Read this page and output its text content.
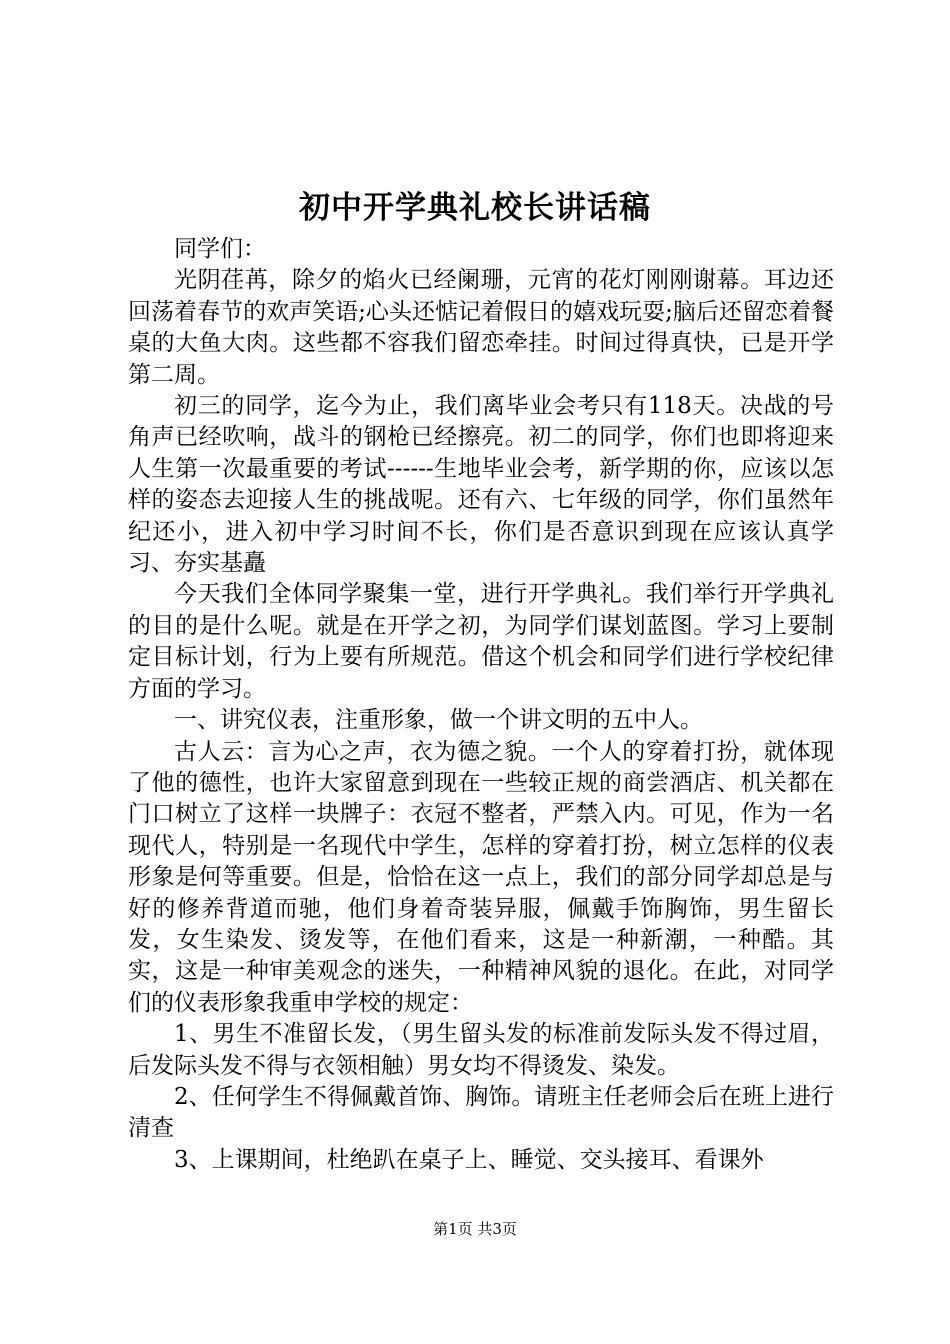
初中开学典礼校长讲话稿

同学们：

光阴荏苒，除夕的焰火已经阑珊，元宵的花灯刚刚谢幕。耳边还回荡着春节的欢声笑语;心头还惦记着假日的嬉戏玩耍;脑后还留恋着餐桌的大鱼大肉。这些都不容我们留恋牵挂。时间过得真快，已是开学第二周。

初三的同学，迄今为止，我们离毕业会考只有118天。决战的号角声已经吹响，战斗的钢枪已经擦亮。初二的同学，你们也即将迎来人生第一次最重要的考试------生地毕业会考，新学期的你，应该以怎样的姿态去迎接人生的挑战呢。还有六、七年级的同学，你们虽然年纪还小，进入初中学习时间不长，你们是否意识到现在应该认真学习、夯实基矗

今天我们全体同学聚集一堂，进行开学典礼。我们举行开学典礼的目的是什么呢。就是在开学之初，为同学们谋划蓝图。学习上要制定目标计划，行为上要有所规范。借这个机会和同学们进行学校纪律方面的学习。

一、讲究仪表，注重形象，做一个讲文明的五中人。

古人云：言为心之声，衣为德之貌。一个人的穿着打扮，就体现了他的德性，也许大家留意到现在一些较正规的商尝酒店、机关都在门口树立了这样一块牌子：衣冠不整者，严禁入内。可见，作为一名现代人，特别是一名现代中学生，怎样的穿着打扮，树立怎样的仪表形象是何等重要。但是，恰恰在这一点上，我们的部分同学却总是与好的修养背道而驰，他们身着奇装异服，佩戴手饰胸饰，男生留长发，女生染发、烫发等，在他们看来，这是一种新潮，一种酷。其实，这是一种审美观念的迷失，一种精神风貌的退化。在此，对同学们的仪表形象我重申学校的规定：

1、男生不准留长发，（男生留头发的标准前发际头发不得过眉，后发际头发不得与衣领相触）男女均不得烫发、染发。

2、任何学生不得佩戴首饰、胸饰。请班主任老师会后在班上进行清查

3、上课期间，杜绝趴在桌子上、睡觉、交头接耳、看课外

第1页 共3页
